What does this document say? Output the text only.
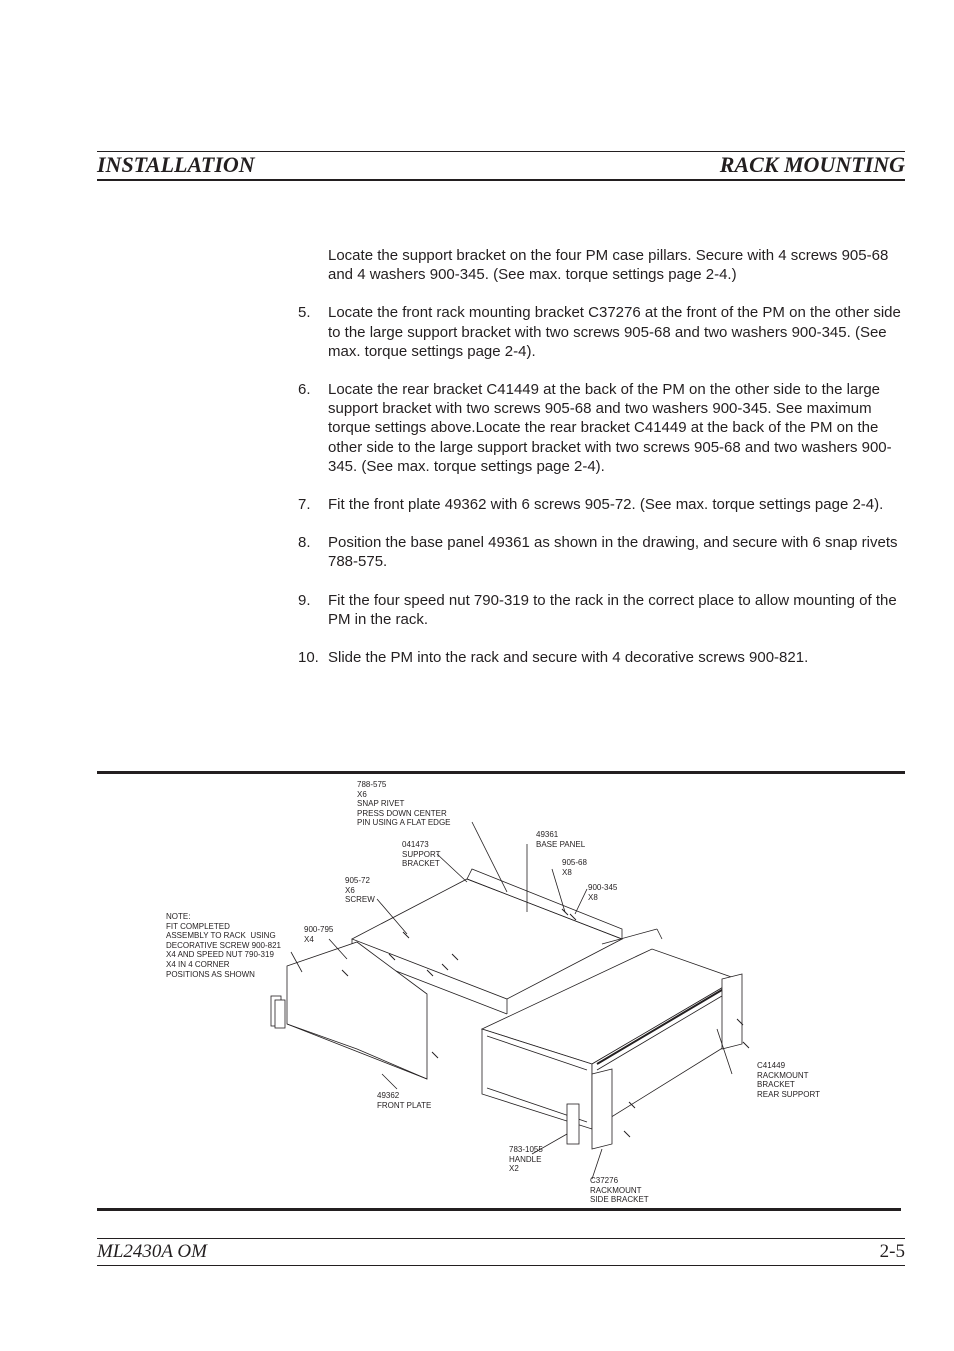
INSTALLATION	RACK MOUNTING
Locate the support bracket on the four PM case pillars. Secure with 4 screws 905-68 and 4 washers 900-345. (See max. torque settings page 2-4.)
5.	Locate the front rack mounting bracket C37276 at the front of the PM on the other side to the large support bracket with two screws 905-68 and two washers 900-345. (See max. torque settings page 2-4).
6.	Locate the rear bracket C41449 at the back of the PM on the other side to the large support bracket with two screws 905-68 and two washers 900-345. See maximum torque settings above.Locate the rear bracket C41449 at the back of the PM on the other side to the large support bracket with two screws 905-68 and two washers 900-345. (See max. torque settings page 2-4).
7.	Fit the front plate 49362 with 6 screws 905-72. (See max. torque settings page 2-4).
8.	Position the base panel 49361 as shown in the drawing, and secure with 6 snap rivets 788-575.
9.	Fit the four speed nut 790-319 to the rack in the correct place to allow mounting of the PM in the rack.
10. Slide the PM into the rack and secure with 4 decorative screws 900-821.
788-575
X6
SNAP RIVET
PRESS DOWN CENTER
PIN USING A FLAT EDGE
49361
BASE PANEL
041473
SUPPORT
BRACKET	905-68
X8
905-72
X6
SCREW
900-345
X8
NOTE:
FIT COMPLETED
ASSEMBLY TO RACK  USING
DECORATIVE SCREW 900-821
X4 AND SPEED NUT 790-319
X4 IN 4 CORNER
POSITIONS AS SHOWN
900-795
X4
C41449
RACKMOUNT
BRACKET
REAR SUPPORT
49362
FRONT PLATE
783-1055
HANDLE
X2
C37276
RACKMOUNT
SIDE BRACKET
ML2430A OM	2-5
